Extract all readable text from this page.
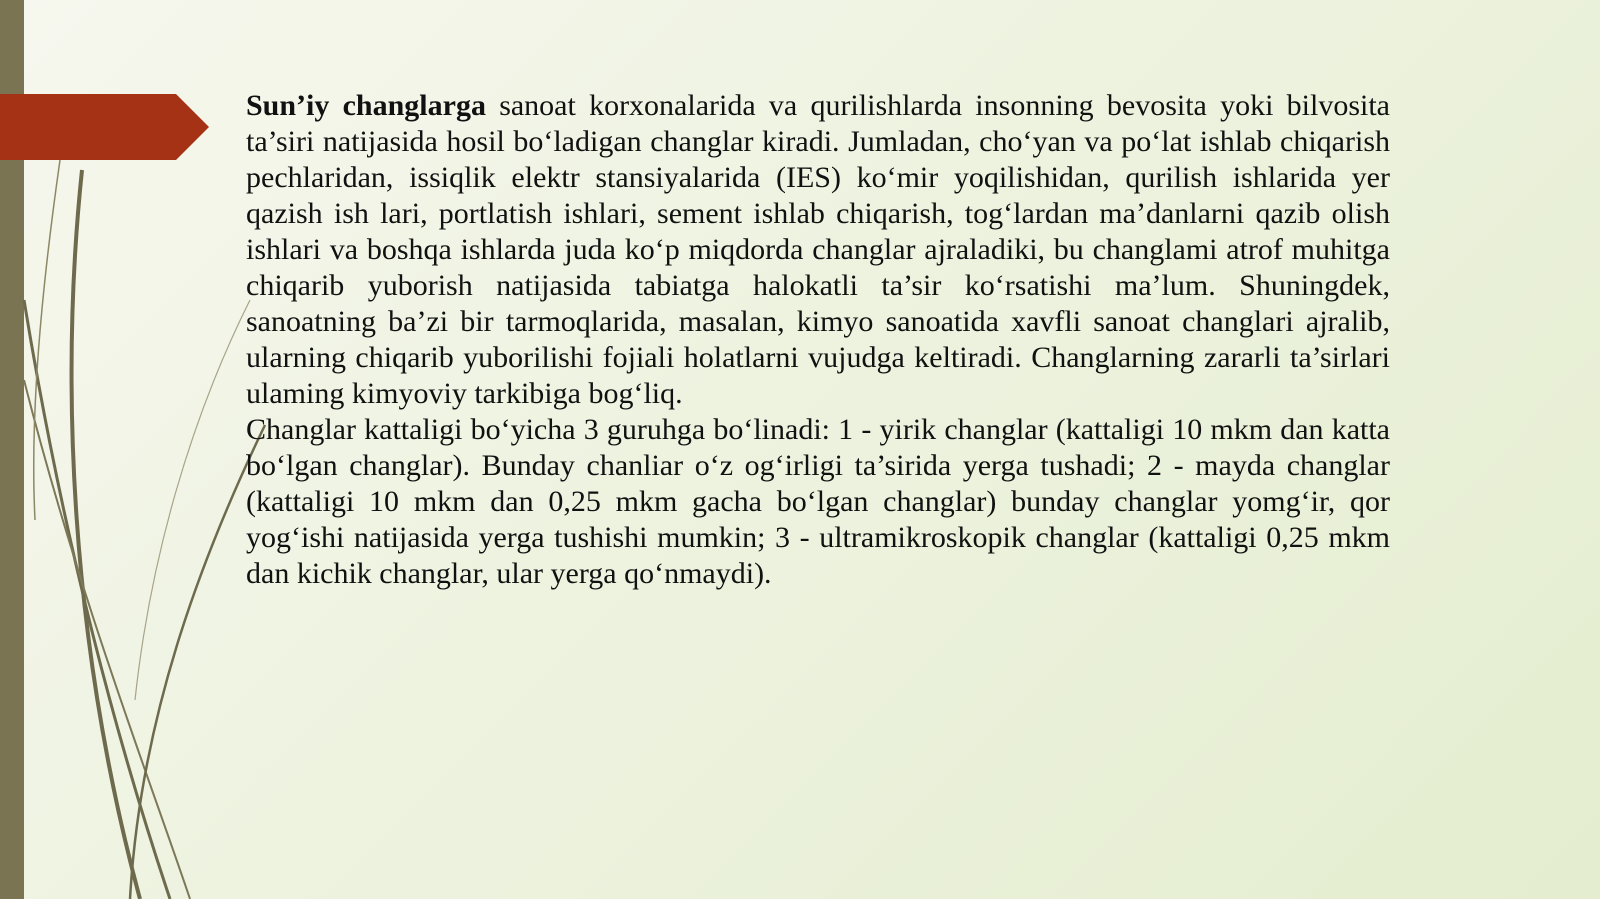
Sun’iy changlarga sanoat korxonalarida va qurilishlarda insonning bevosita yoki bilvosita ta’siri natijasida hosil bo‘ladigan changlar kiradi. Jumladan, cho‘yan va po‘lat ishlab chiqarish pechlaridan, issiqlik elektr stansiyalarida (IES) ko‘mir yoqilishidan, qurilish ishlarida yer qazish ish lari, portlatish ishlari, sement ishlab chiqarish, tog‘lardan ma’danlarni qazib olish ishlari va boshqa ishlarda juda ko‘p miqdorda changlar ajraladiki, bu changlami atrof muhitga chiqarib yuborish natijasida tabiatga halokatli ta’sir ko‘rsatishi ma’lum. Shuningdek, sanoatning ba’zi bir tarmoqlarida, masalan, kimyo sanoatida xavfli sanoat changlari ajralib, ularning chiqarib yuborilishi fojiali holatlarni vujudga keltiradi. Changlarning zararli ta’sirlari ulaming kimyoviy tarkibiga bog‘liq.

Changlar kattaligi bo‘yicha 3 guruhga bo‘linadi: 1 - yirik changlar (kattaligi 10 mkm dan katta bo‘lgan changlar). Bunday chanliar o‘z og‘irligi ta’sirida yerga tushadi; 2 - mayda changlar (kattaligi 10 mkm dan 0,25 mkm gacha bo‘lgan changlar) bunday changlar yomg‘ir, qor yog‘ishi natijasida yerga tushishi mumkin; 3 - ultramikroskopik changlar (kattaligi 0,25 mkm dan kichik changlar, ular yerga qo‘nmaydi).
